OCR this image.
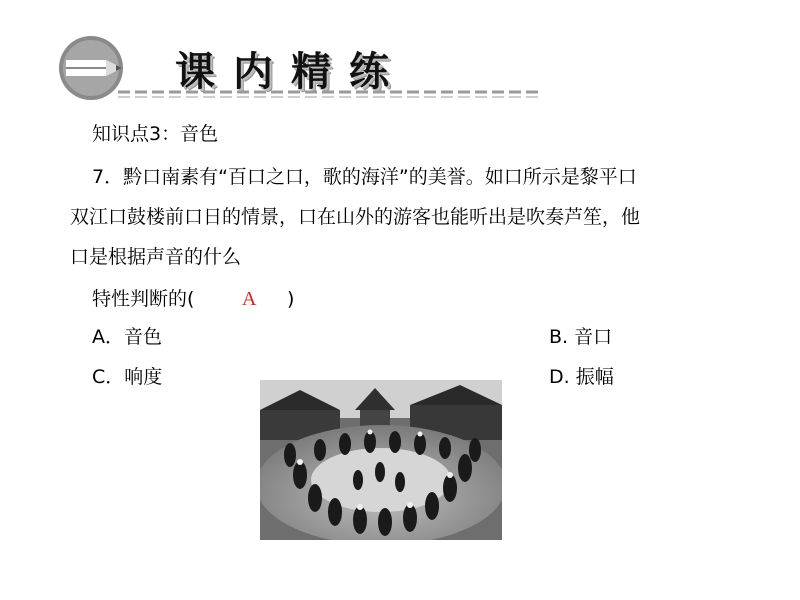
课内精练
知识点3：音色
7．黔口南素有“百口之口，歌的海洋”的美誉。如口所示是黎平口
双江口鼓楼前口日的情景，口在山外的游客也能听出是吹奏芦笙，他
口是根据声音的什么
特性判断的( A )
A．音色	B. 音口
C．响度	D. 振幅
